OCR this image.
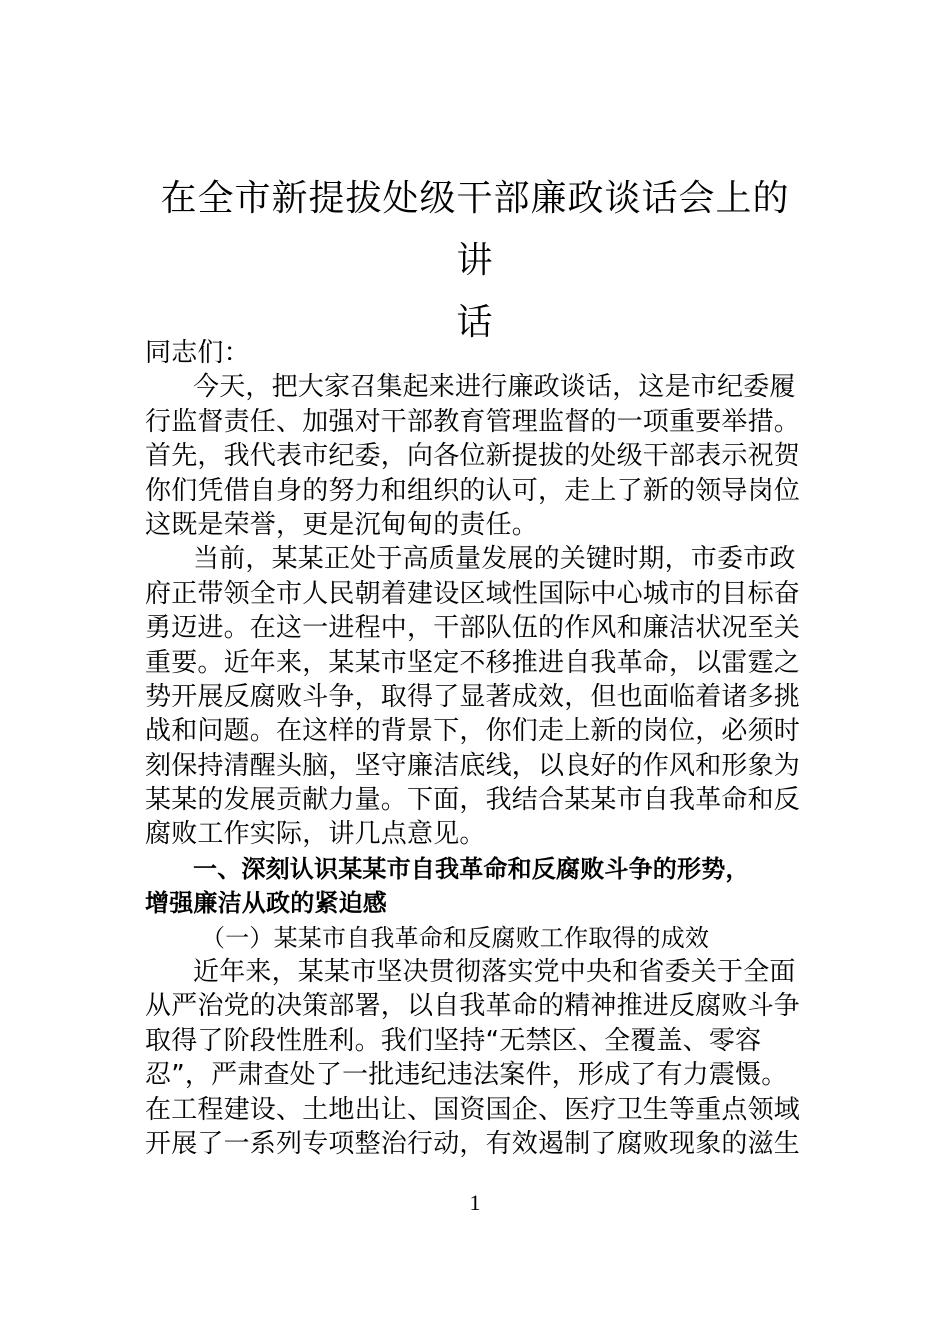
在全市新提拔处级干部廉政谈话会上的讲
话
同志们：
今天，把大家召集起来进行廉政谈话，这是市纪委履
行监督责任、加强对干部教育管理监督的一项重要举措。
首先，我代表市纪委，向各位新提拔的处级干部表示祝贺
你们凭借自身的努力和组织的认可，走上了新的领导岗位
这既是荣誉，更是沉甸甸的责任。
当前，某某正处于高质量发展的关键时期，市委市政
府正带领全市人民朝着建设区域性国际中心城市的目标奋
勇迈进。在这一进程中，干部队伍的作风和廉洁状况至关
重要。近年来，某某市坚定不移推进自我革命，以雷霆之
势开展反腐败斗争，取得了显著成效，但也面临着诸多挑
战和问题。在这样的背景下，你们走上新的岗位，必须时
刻保持清醒头脑，坚守廉洁底线，以良好的作风和形象为
某某的发展贡献力量。下面，我结合某某市自我革命和反
腐败工作实际，讲几点意见。
一、深刻认识某某市自我革命和反腐败斗争的形势，
增强廉洁从政的紧迫感
（一）某某市自我革命和反腐败工作取得的成效
近年来，某某市坚决贯彻落实党中央和省委关于全面
从严治党的决策部署，以自我革命的精神推进反腐败斗争
取得了阶段性胜利。我们坚持“无禁区、全覆盖、零容
忍”，严肃查处了一批违纪违法案件，形成了有力震慑。
在工程建设、土地出让、国资国企、医疗卫生等重点领域
开展了一系列专项整治行动，有效遏制了腐败现象的滋生
1
